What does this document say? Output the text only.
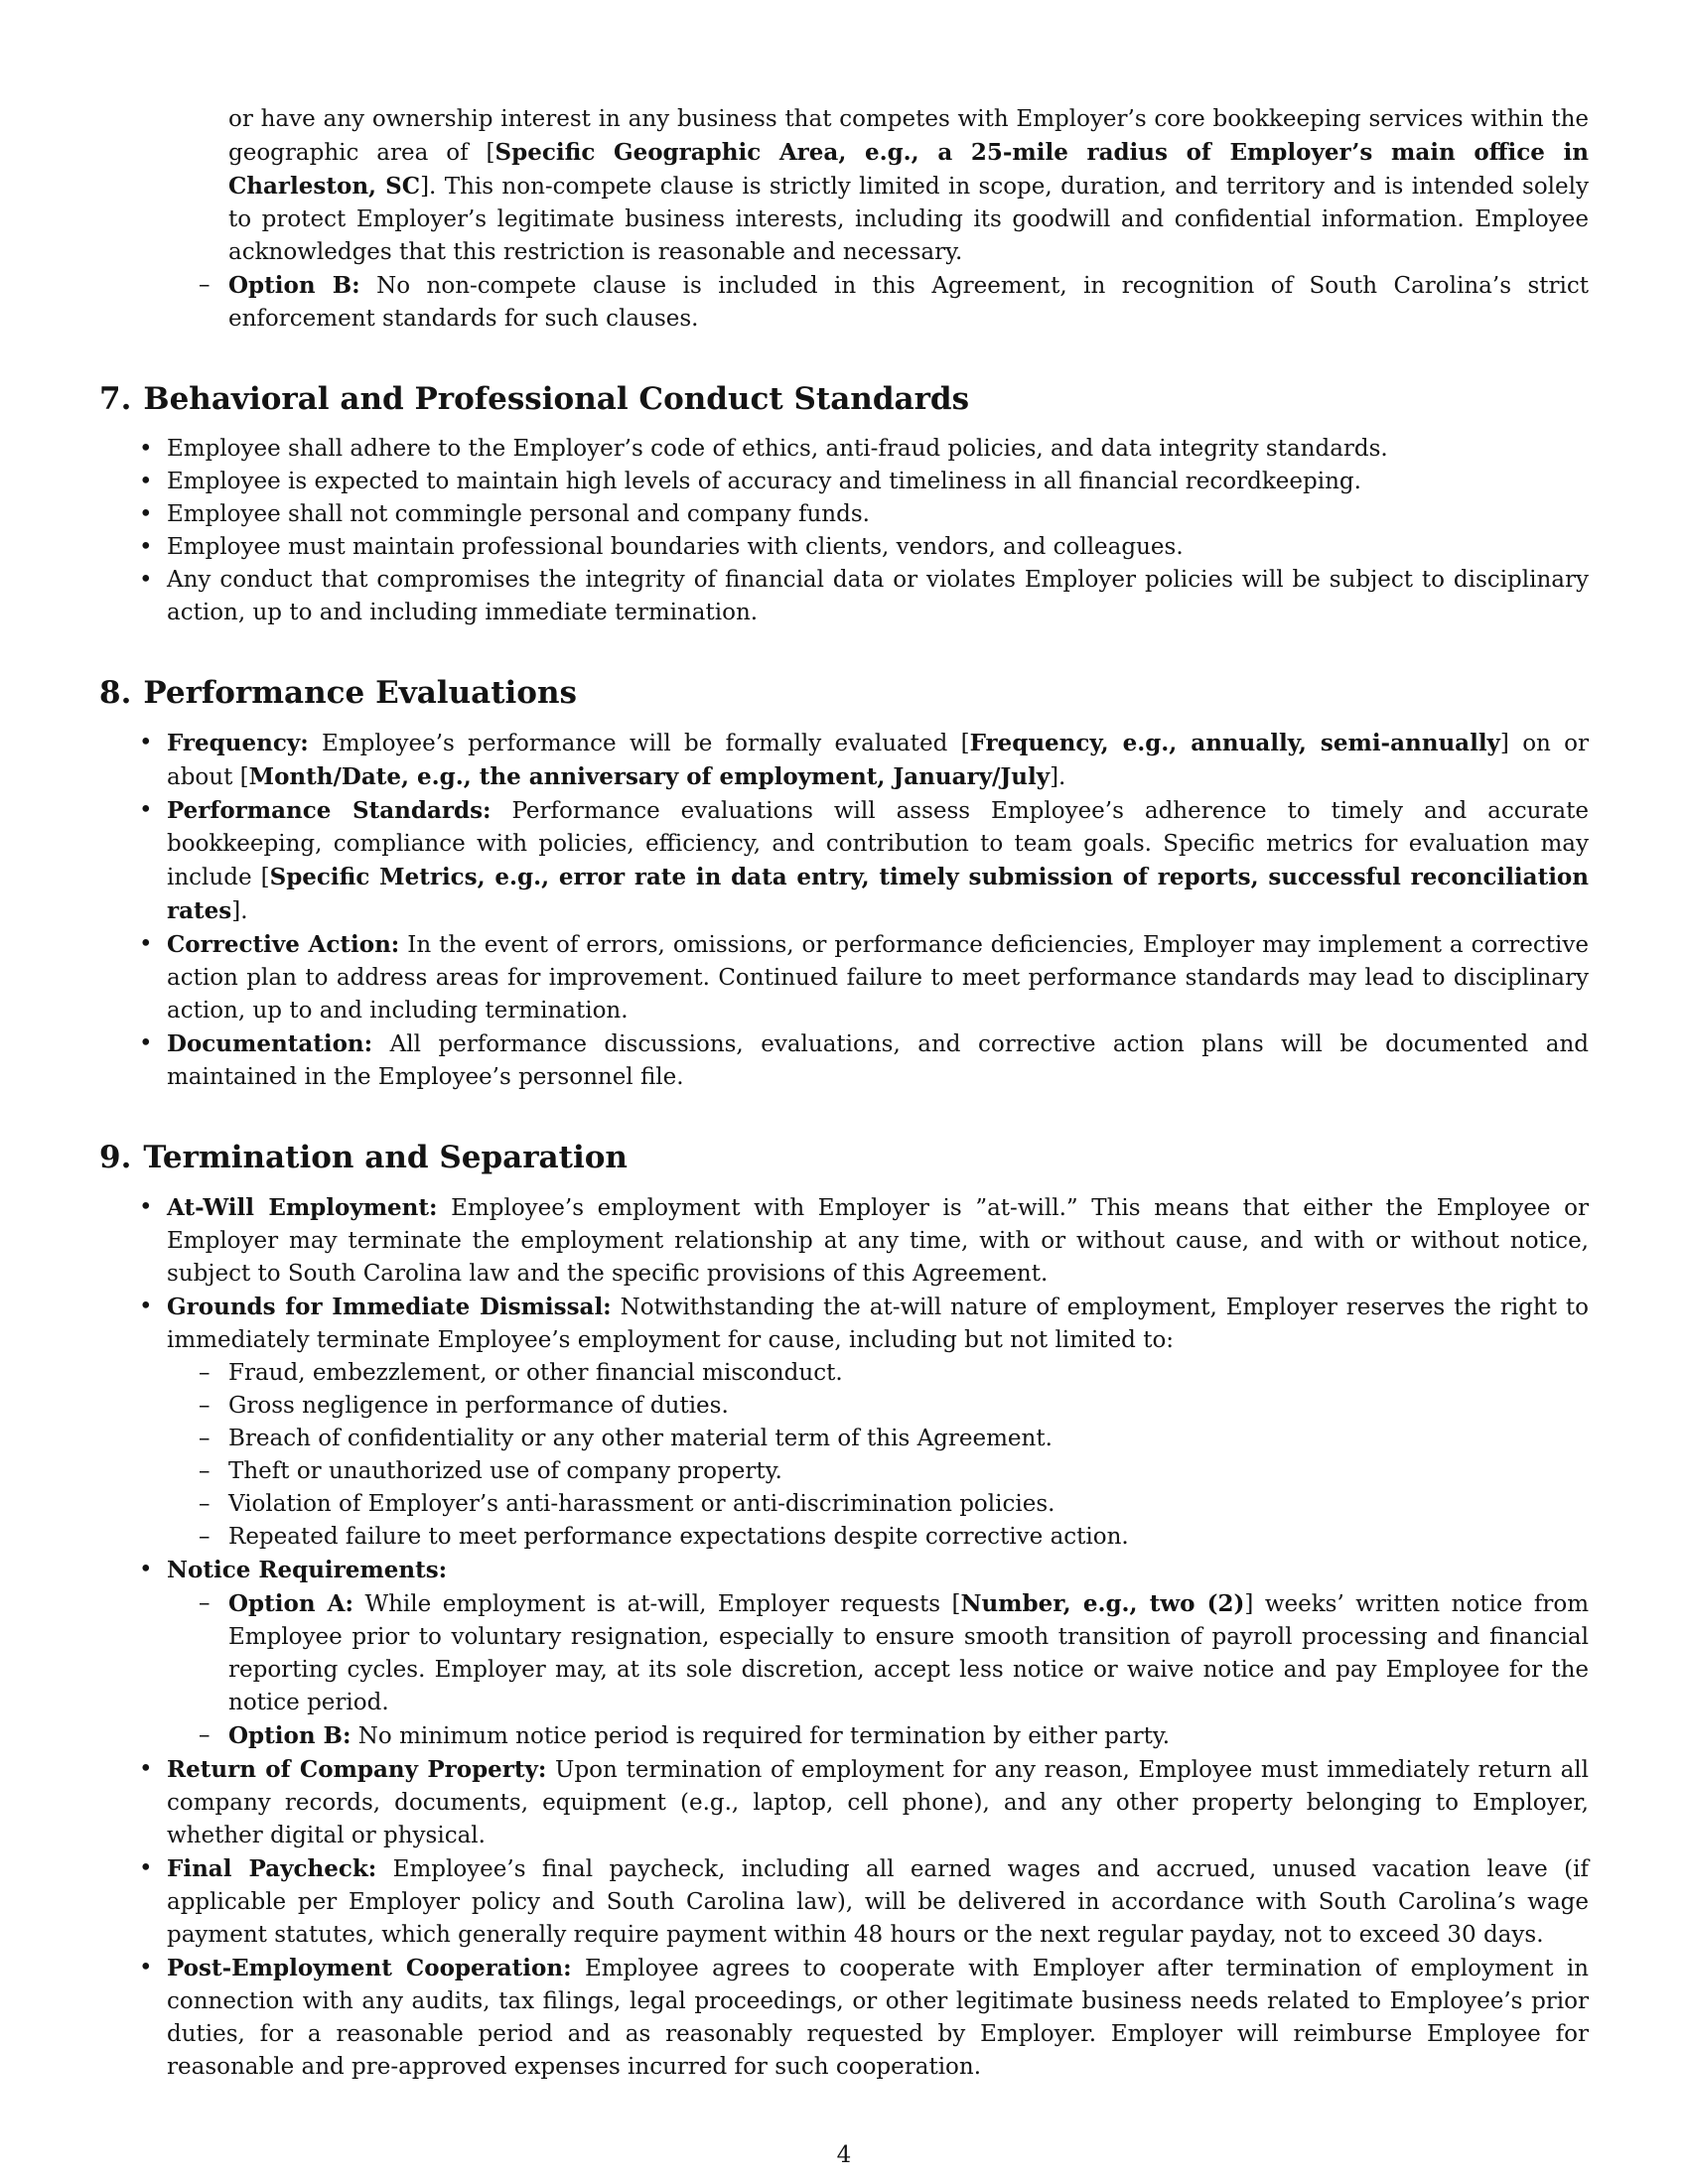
or have any ownership interest in any business that competes with Employer’s core bookkeeping services within the geographic area of [Specific Geographic Area, e.g., a 25-mile radius of Employer’s main office in Charleston, SC]. This non-compete clause is strictly limited in scope, duration, and territory and is intended solely to protect Employer’s legitimate business interests, including its goodwill and confidential information. Employee acknowledges that this restriction is reasonable and necessary.

– Option B: No non-compete clause is included in this Agreement, in recognition of South Carolina’s strict enforcement standards for such clauses.

7. Behavioral and Professional Conduct Standards
• Employee shall adhere to the Employer’s code of ethics, anti-fraud policies, and data integrity standards.
• Employee is expected to maintain high levels of accuracy and timeliness in all financial recordkeeping.
• Employee shall not commingle personal and company funds.
• Employee must maintain professional boundaries with clients, vendors, and colleagues.
• Any conduct that compromises the integrity of financial data or violates Employer policies will be subject to disciplinary action, up to and including immediate termination.
8. Performance Evaluations
• Frequency: Employee’s performance will be formally evaluated [Frequency, e.g., annually, semi-annually] on or about [Month/Date, e.g., the anniversary of employment, January/July].
• Performance Standards: Performance evaluations will assess Employee’s adherence to timely and accurate bookkeeping, compliance with policies, efficiency, and contribution to team goals. Specific metrics for evaluation may include [Specific Metrics, e.g., error rate in data entry, timely submission of reports, successful reconciliation rates].
• Corrective Action: In the event of errors, omissions, or performance deficiencies, Employer may implement a corrective action plan to address areas for improvement. Continued failure to meet performance standards may lead to disciplinary action, up to and including termination.
• Documentation: All performance discussions, evaluations, and corrective action plans will be documented and maintained in the Employee’s personnel file.
9. Termination and Separation
• At-Will Employment: Employee’s employment with Employer is ”at-will.” This means that either the Employee or Employer may terminate the employment relationship at any time, with or without cause, and with or without notice, subject to South Carolina law and the specific provisions of this Agreement.
• Grounds for Immediate Dismissal: Notwithstanding the at-will nature of employment, Employer reserves the right to immediately terminate Employee’s employment for cause, including but not limited to:
– Fraud, embezzlement, or other financial misconduct.
– Gross negligence in performance of duties.
– Breach of confidentiality or any other material term of this Agreement.
– Theft or unauthorized use of company property.
– Violation of Employer’s anti-harassment or anti-discrimination policies.
– Repeated failure to meet performance expectations despite corrective action.
• Notice Requirements:
– Option A: While employment is at-will, Employer requests [Number, e.g., two (2)] weeks’ written notice from Employee prior to voluntary resignation, especially to ensure smooth transition of payroll processing and financial reporting cycles. Employer may, at its sole discretion, accept less notice or waive notice and pay Employee for the notice period.
– Option B: No minimum notice period is required for termination by either party.
• Return of Company Property: Upon termination of employment for any reason, Employee must immediately return all company records, documents, equipment (e.g., laptop, cell phone), and any other property belonging to Employer, whether digital or physical.
• Final Paycheck: Employee’s final paycheck, including all earned wages and accrued, unused vacation leave (if applicable per Employer policy and South Carolina law), will be delivered in accordance with South Carolina’s wage payment statutes, which generally require payment within 48 hours or the next regular payday, not to exceed 30 days.
• Post-Employment Cooperation: Employee agrees to cooperate with Employer after termination of employment in connection with any audits, tax filings, legal proceedings, or other legitimate business needs related to Employee’s prior duties, for a reasonable period and as reasonably requested by Employer. Employer will reimburse Employee for reasonable and pre-approved expenses incurred for such cooperation.
4
